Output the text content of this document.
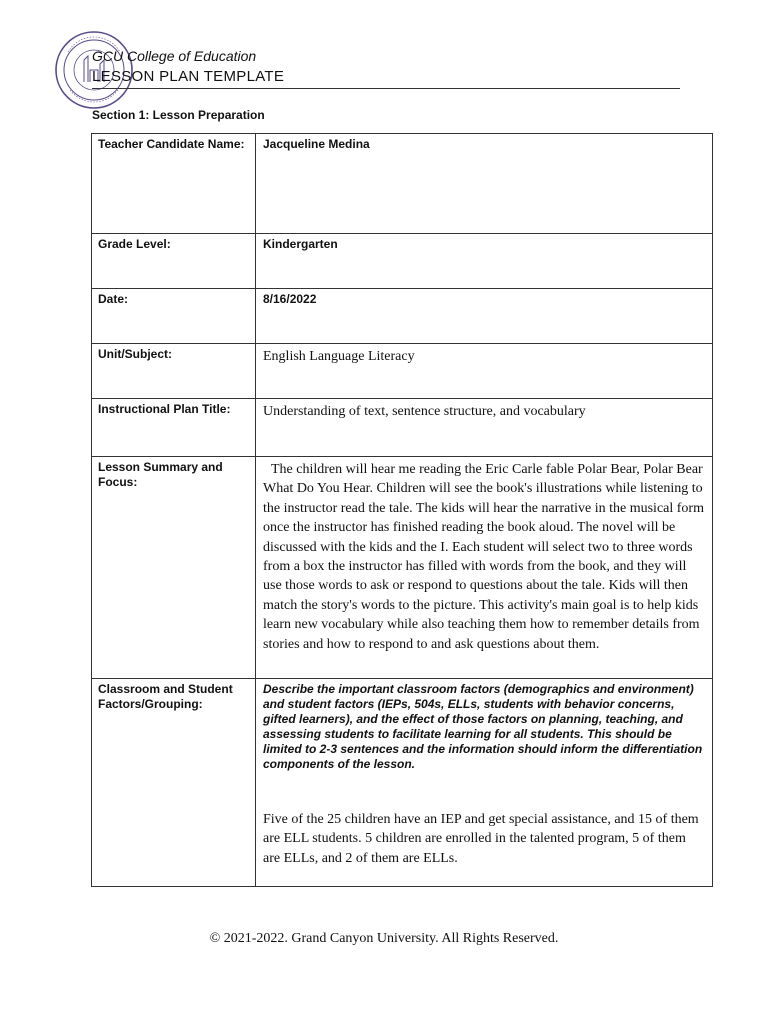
GCU College of Education
LESSON PLAN TEMPLATE
Section 1: Lesson Preparation
Teacher Candidate Name:	Jacqueline Medina

Grade Level:	Kindergarten

Date:	8/16/2022

Unit/Subject:	English Language Literacy

Instructional Plan Title:	Understanding of text, sentence structure, and vocabulary

Lesson Summary and Focus:	The children will hear me reading the Eric Carle fable Polar Bear, Polar Bear What Do You Hear. Children will see the book's illustrations while listening to the instructor read the tale. The kids will hear the narrative in the musical form once the instructor has finished reading the book aloud. The novel will be discussed with the kids and the I. Each student will select two to three words from a box the instructor has filled with words from the book, and they will use those words to ask or respond to questions about the tale. Kids will then match the story's words to the picture. This activity's main goal is to help kids learn new vocabulary while also teaching them how to remember details from stories and how to respond to and ask questions about them.

Classroom and Student Factors/Grouping:	Describe the important classroom factors (demographics and environment) and student factors (IEPs, 504s, ELLs, students with behavior concerns, gifted learners), and the effect of those factors on planning, teaching, and assessing students to facilitate learning for all students. This should be limited to 2-3 sentences and the information should inform the differentiation components of the lesson.
Five of the 25 children have an IEP and get special assistance, and 15 of them are ELL students. 5 children are enrolled in the talented program, 5 of them are ELLs, and 2 of them are ELLs.
© 2021-2022. Grand Canyon University. All Rights Reserved.
